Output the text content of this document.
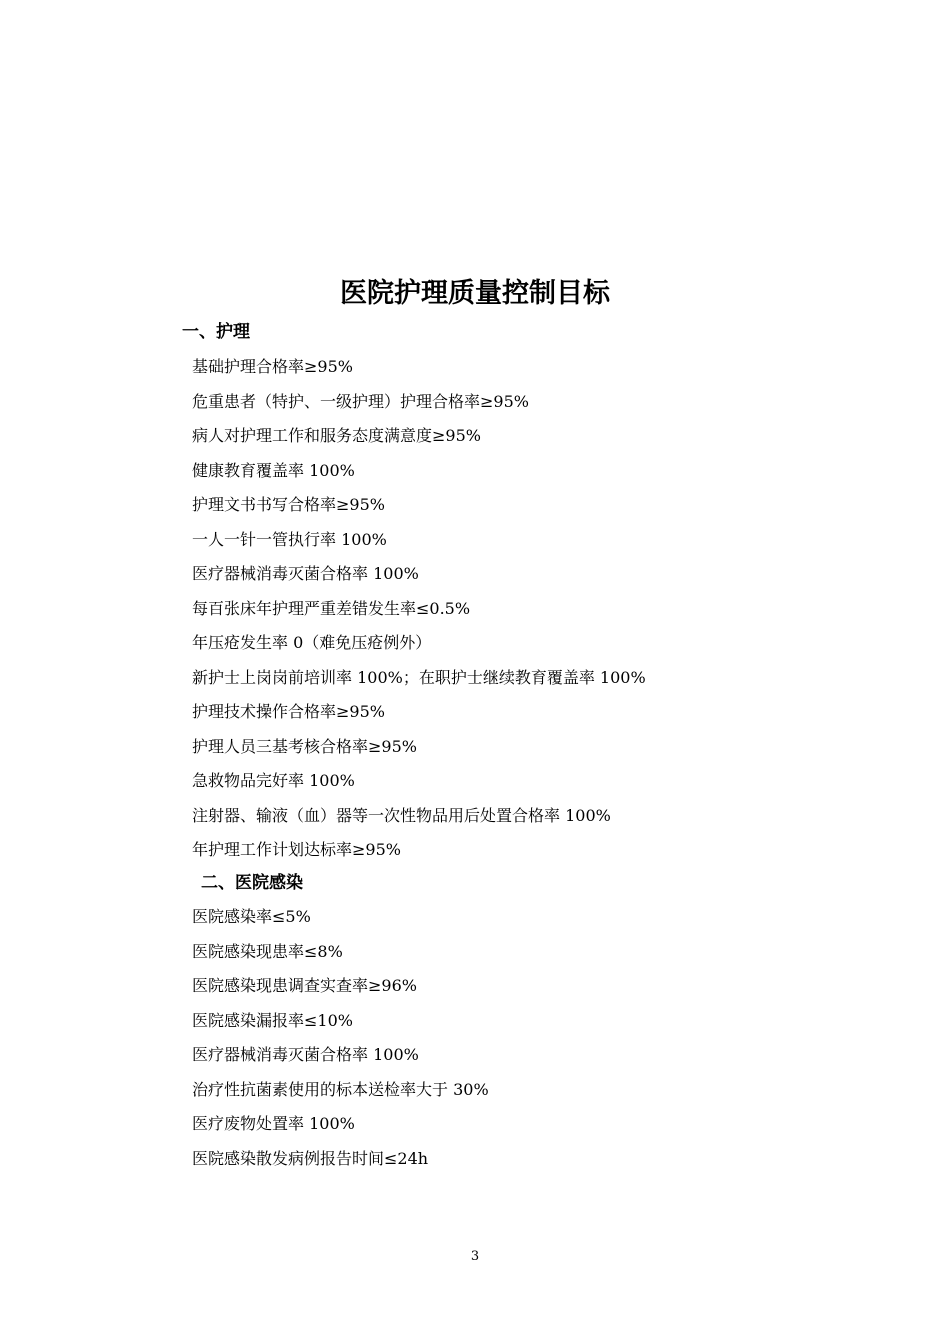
医院护理质量控制目标
一、护理
基础护理合格率≥95%
危重患者（特护、一级护理）护理合格率≥95%
病人对护理工作和服务态度满意度≥95%
健康教育覆盖率 100%
护理文书书写合格率≥95%
一人一针一管执行率 100%
医疗器械消毒灭菌合格率 100%
每百张床年护理严重差错发生率≤0.5%
年压疮发生率 0（难免压疮例外）
新护士上岗岗前培训率 100%；在职护士继续教育覆盖率 100%
护理技术操作合格率≥95%
护理人员三基考核合格率≥95%
急救物品完好率 100%
注射器、输液（血）器等一次性物品用后处置合格率 100%
年护理工作计划达标率≥95%
二、医院感染
医院感染率≤5%
医院感染现患率≤8%
医院感染现患调查实查率≥96%
医院感染漏报率≤10%
医疗器械消毒灭菌合格率 100%
治疗性抗菌素使用的标本送检率大于 30%
医疗废物处置率 100%
医院感染散发病例报告时间≤24h
3
